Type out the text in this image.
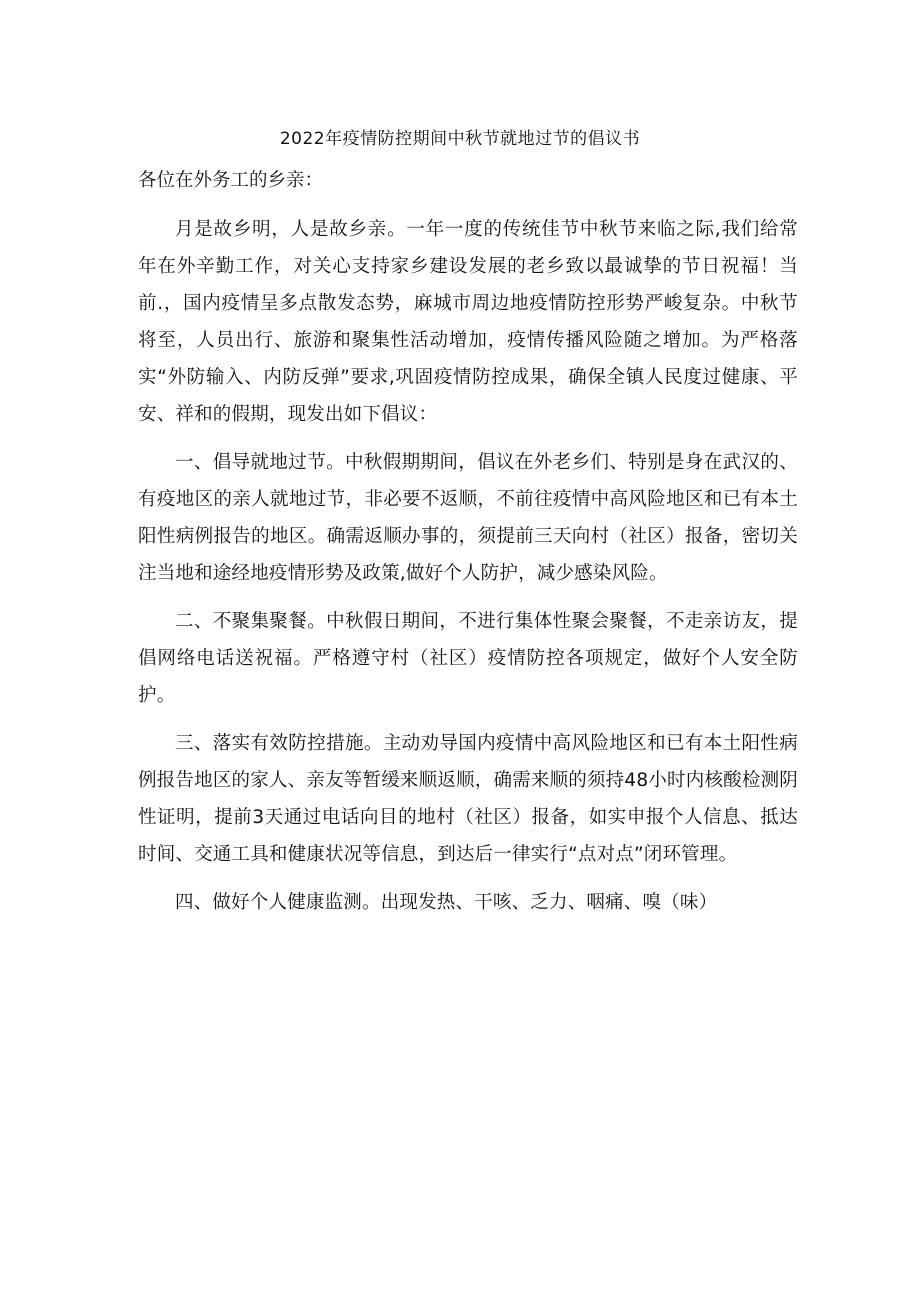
2022年疫情防控期间中秋节就地过节的倡议书

各位在外务工的乡亲：

月是故乡明，人是故乡亲。一年一度的传统佳节中秋节来临之际,我们给常年在外辛勤工作，对关心支持家乡建设发展的老乡致以最诚挚的节日祝福！当前.，国内疫情呈多点散发态势，麻城市周边地疫情防控形势严峻复杂。中秋节将至，人员出行、旅游和聚集性活动增加，疫情传播风险随之增加。为严格落实“外防输入、内防反弹”要求,巩固疫情防控成果，确保全镇人民度过健康、平安、祥和的假期，现发出如下倡议：

一、倡导就地过节。中秋假期期间，倡议在外老乡们、特别是身在武汉的、有疫地区的亲人就地过节，非必要不返顺，不前往疫情中高风险地区和已有本土阳性病例报告的地区。确需返顺办事的，须提前三天向村（社区）报备，密切关注当地和途经地疫情形势及政策,做好个人防护，减少感染风险。

二、不聚集聚餐。中秋假日期间，不进行集体性聚会聚餐，不走亲访友，提倡网络电话送祝福。严格遵守村（社区）疫情防控各项规定，做好个人安全防护。

三、落实有效防控措施。主动劝导国内疫情中高风险地区和已有本土阳性病例报告地区的家人、亲友等暂缓来顺返顺，确需来顺的须持48小时内核酸检测阴性证明，提前3天通过电话向目的地村（社区）报备，如实申报个人信息、抵达时间、交通工具和健康状况等信息，到达后一律实行“点对点”闭环管理。

四、做好个人健康监测。出现发热、干咳、乏力、咽痛、嗅（味）
